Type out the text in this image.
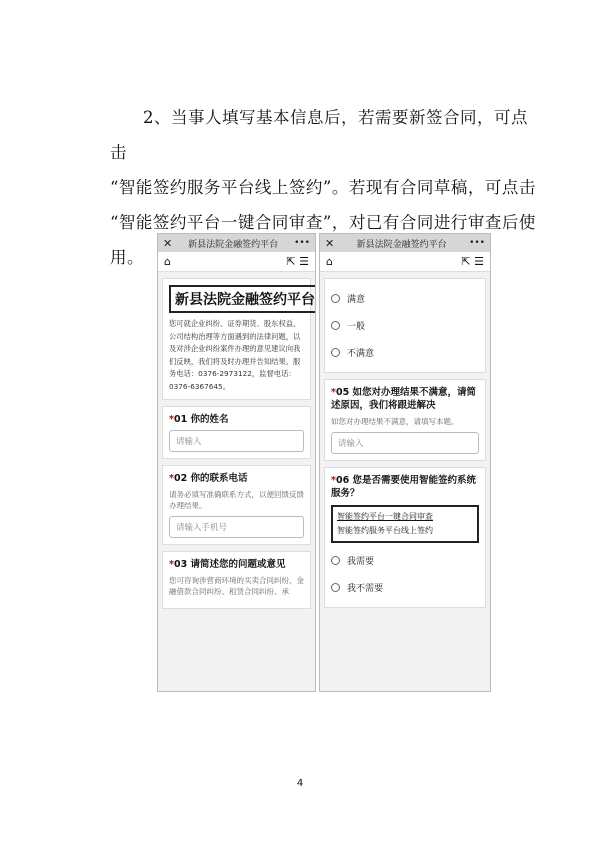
2、当事人填写基本信息后，若需要新签合同，可点击

“智能签约服务平台线上签约”。若现有合同草稿，可点击
“智能签约平台一键合同审查”，对已有合同进行审查后使
用。
✕	新县法院金融签约平台	•••
⌂	⇱
☰
新县法院金融签约平台

您可就企业纠纷、证券期货、股东权益、公司结构治理等方面遇到的法律问题，以及对涉企业纠纷案件办理的意见建议向我们反映，我们将及时办理并告知结果。服务电话：0376-2973122，监督电话：0376-6367645。

*01 你的姓名

请输入

*02 你的联系电话

请务必填写准确联系方式，以便回馈反馈办理结果。

请输入手机号

*03 请简述您的问题或意见

您可咨询涉营商环境的买卖合同纠纷、金融借款合同纠纷、租赁合同纠纷、承

✕	新县法院金融签约平台	•••
⌂	⇱
☰
满意
一般
不满意

*05 如您对办理结果不满意，请简述原因，我们将跟进解决

如您对办理结果不满意，请填写本题。

请输入

*06 您是否需要使用智能签约系统服务？

智能签约平台一键合同审查
智能签约服务平台线上签约
我需要
我不需要
4
